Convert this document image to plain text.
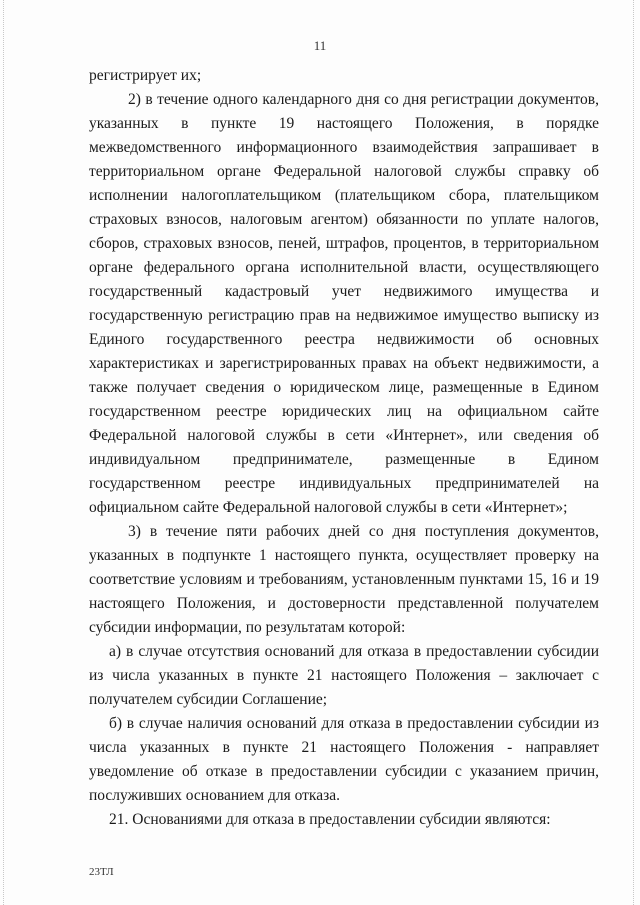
11

регистрирует их;

2) в течение одного календарного дня со дня регистрации документов, указанных в пункте 19 настоящего Положения, в порядке межведомственного информационного взаимодействия запрашивает в территориальном органе Федеральной налоговой службы справку об исполнении налогоплательщиком (плательщиком сбора, плательщиком страховых взносов, налоговым агентом) обязанности по уплате налогов, сборов, страховых взносов, пеней, штрафов, процентов, в территориальном органе федерального органа исполнительной власти, осуществляющего государственный кадастровый учет недвижимого имущества и государственную регистрацию прав на недвижимое имущество выписку из Единого государственного реестра недвижимости об основных характеристиках и зарегистрированных правах на объект недвижимости, а также получает сведения о юридическом лице, размещенные в Едином государственном реестре юридических лиц на официальном сайте Федеральной налоговой службы в сети «Интернет», или сведения об индивидуальном предпринимателе, размещенные в Едином государственном реестре индивидуальных предпринимателей на официальном сайте Федеральной налоговой службы в сети «Интернет»;

3) в течение пяти рабочих дней со дня поступления документов, указанных в подпункте 1 настоящего пункта, осуществляет проверку на соответствие условиям и требованиям, установленным пунктами 15, 16 и 19 настоящего Положения, и достоверности представленной получателем субсидии информации, по результатам которой:

а) в случае отсутствия оснований для отказа в предоставлении субсидии из числа указанных в пункте 21 настоящего Положения – заключает с получателем субсидии Соглашение;

б) в случае наличия оснований для отказа в предоставлении субсидии из числа указанных в пункте 21 настоящего Положения - направляет уведомление об отказе в предоставлении субсидии с указанием причин, послуживших основанием для отказа.

21. Основаниями для отказа в предоставлении субсидии являются:

23ТЛ
